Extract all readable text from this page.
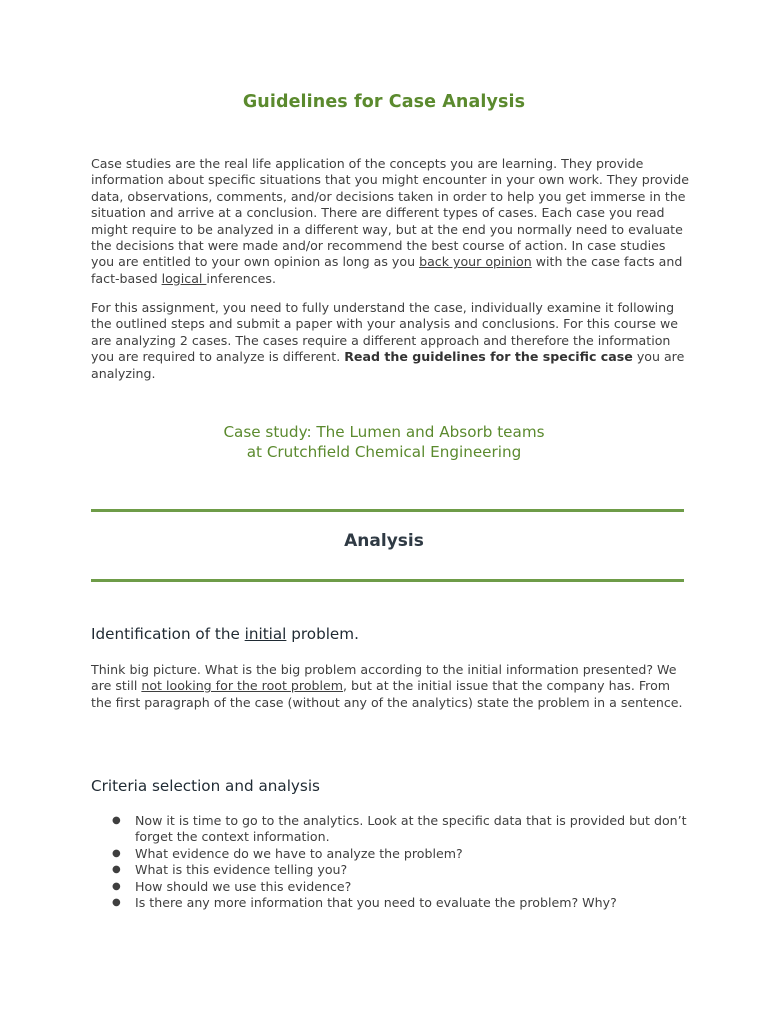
Guidelines for Case Analysis
Case studies are the real life application of the concepts you are learning. They provide information about specific situations that you might encounter in your own work. They provide data, observations, comments, and/or decisions taken in order to help you get immerse in the situation and arrive at a conclusion. There are different types of cases. Each case you read might require to be analyzed in a different way, but at the end you normally need to evaluate the decisions that were made and/or recommend the best course of action. In case studies you are entitled to your own opinion as long as you back your opinion with the case facts and fact-based logical inferences.
For this assignment, you need to fully understand the case, individually examine it following the outlined steps and submit a paper with your analysis and conclusions. For this course we are analyzing 2 cases. The cases require a different approach and therefore the information you are required to analyze is different. Read the guidelines for the specific case you are analyzing.
Case study: The Lumen and Absorb teams
at Crutchfield Chemical Engineering
Analysis
Identification of the initial problem.
Think big picture. What is the big problem according to the initial information presented? We are still not looking for the root problem, but at the initial issue that the company has. From the first paragraph of the case (without any of the analytics) state the problem in a sentence.
Criteria selection and analysis
● Now it is time to go to the analytics. Look at the specific data that is provided but don’t forget the context information.
● What evidence do we have to analyze the problem?
● What is this evidence telling you?
● How should we use this evidence?
● Is there any more information that you need to evaluate the problem? Why?
